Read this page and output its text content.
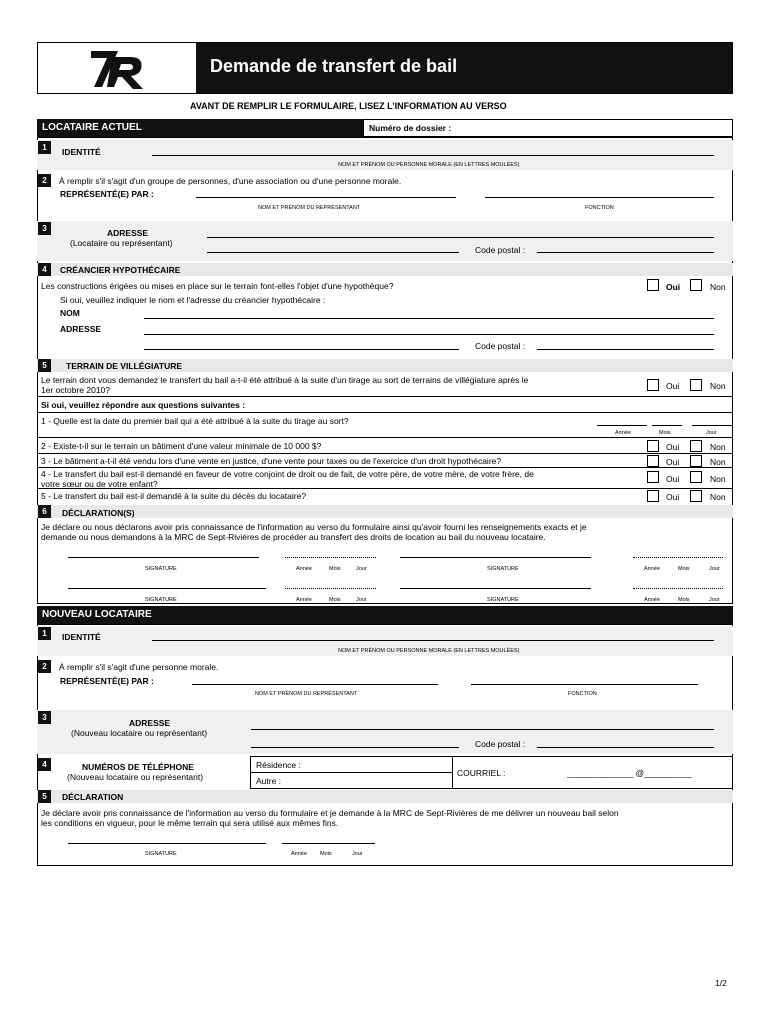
Demande de transfert de bail
AVANT DE REMPLIR LE FORMULAIRE, LISEZ L’INFORMATION AU VERSO
LOCATAIRE ACTUEL	Numéro de dossier :
1	IDENTITÉ
NOM ET PRÉNOM OU PERSONNE MORALE (EN LETTRES MOULÉES)
2	À remplir s'il s'agit d'un groupe de personnes, d'une association ou d'une personne morale.
REPRÉSENTÉ(E) PAR :
NOM ET PRÉNOM DU REPRÉSENTANT	FONCTION
3	ADRESSE
(Locataire ou représentant)
Code postal :
4	CRÉANCIER HYPOTHÉCAIRE
Les constructions érigées ou mises en place sur le terrain font-elles l'objet d'une hypothèque?	Oui	Non
Si oui, veuillez indiquer le nom et l'adresse du créancier hypothécaire :
NOM
ADRESSE
Code postal :
5	TERRAIN DE VILLÉGIATURE
Le terrain dont vous demandez le transfert du bail a-t-il été attribué à la suite d'un tirage au sort de terrains de villégiature après le
1er octobre 2010?	Oui	Non
Si oui, veuillez répondre aux questions suivantes :
1 - Quelle est la date du premier bail qui a été attribué à la suite du tirage au sort?
Année	Mois	Jour
2 - Existe-t-il sur le terrain un bâtiment d'une valeur minimale de 10 000 $?	Oui	Non
3 - Le bâtiment a-t-il été vendu lors d'une vente en justice, d'une vente pour taxes ou de l'exercice d'un droit hypothécaire?	Oui	Non
4 - Le transfert du bail est-il demandé en faveur de votre conjoint de droit ou de fait, de votre père, de votre mère, de votre frère, de
votre sœur ou de votre enfant?	Oui	Non
5 - Le transfert du bail est-il demandé à la suite du décès du locataire?	Oui	Non
6	DÉCLARATION(S)
Je déclare ou nous déclarons avoir pris connaissance de l'information au verso du formulaire ainsi qu'avoir fourni les renseignements exacts et je
demande ou nous demandons à la MRC de Sept-Rivières de procéder au transfert des droits de location au bail du nouveau locataire.
SIGNATURE	Année	Mois	Jour	SIGNATURE	Année	Mois	Jour
SIGNATURE	Année	Mois	Jour	SIGNATURE	Année	Mois	Jour
NOUVEAU LOCATAIRE
1	IDENTITÉ
NOM ET PRÉNOM OU PERSONNE MORALE (EN LETTRES MOULÉES)
2	À remplir s'il s'agit d'une personne morale.
REPRÉSENTÉ(E) PAR :
NOM ET PRÉNOM DU REPRÉSENTANT	FONCTION
3
ADRESSE
(Nouveau locataire ou représentant)
Code postal :
4	NUMÉROS DE TÉLÉPHONE
(Nouveau locataire ou représentant)
Résidence :
Autre :
COURRIEL :	______________ @__________
5	DÉCLARATION
Je déclare avoir pris connaissance de l'information au verso du formulaire et je demande à la MRC de Sept-Rivières de me délivrer un nouveau bail selon
les conditions en vigueur, pour le même terrain qui sera utilisé aux mêmes fins.
SIGNATURE	Année Mois	Jour
1/2
